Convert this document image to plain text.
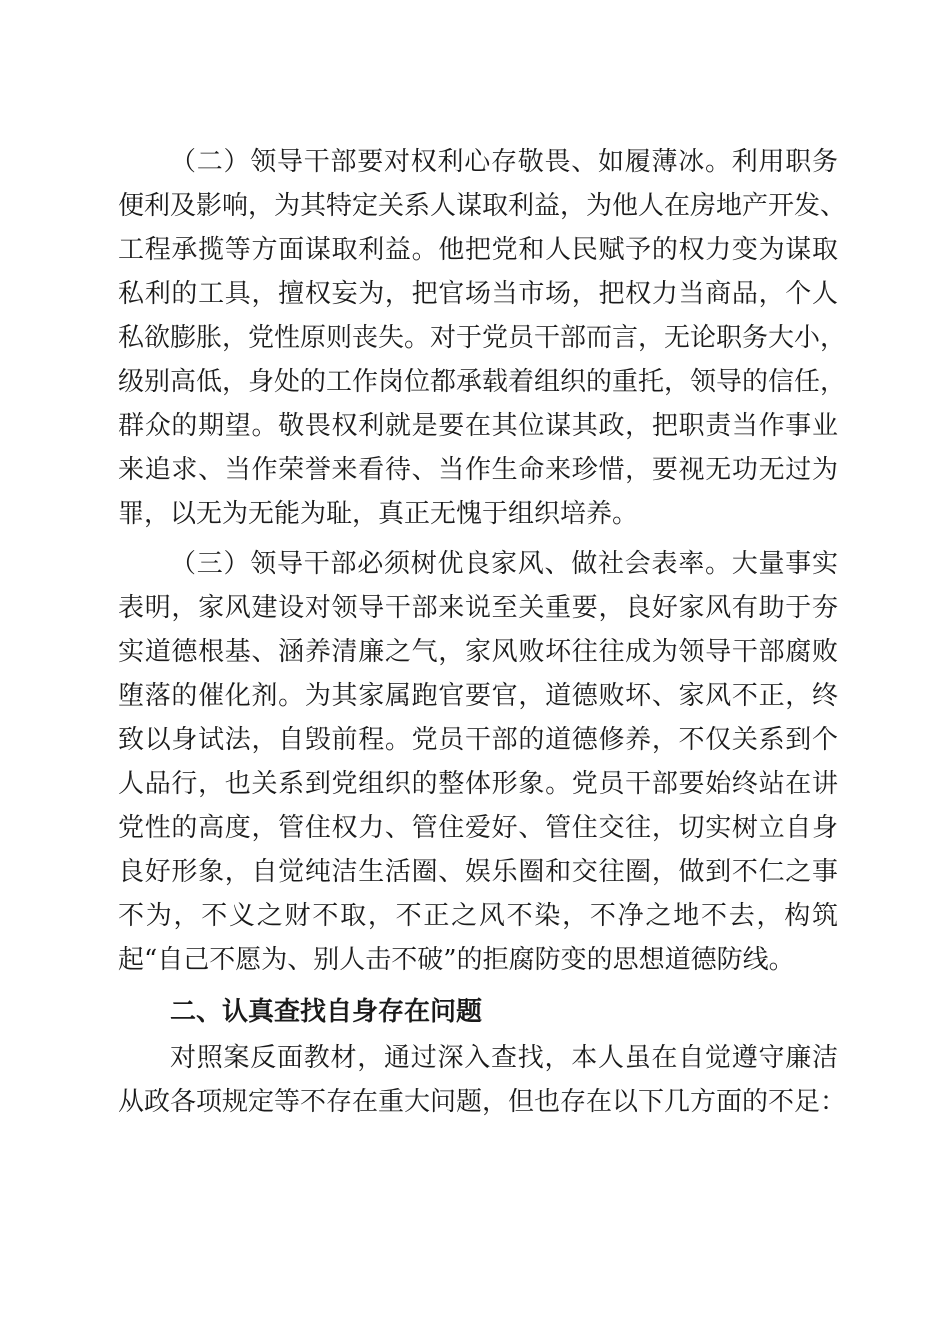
（二）领导干部要对权利心存敬畏、如履薄冰。利用职务
便利及影响，为其特定关系人谋取利益，为他人在房地产开发、
工程承揽等方面谋取利益。他把党和人民赋予的权力变为谋取
私利的工具，擅权妄为，把官场当市场，把权力当商品，个人
私欲膨胀，党性原则丧失。对于党员干部而言，无论职务大小，
级别高低，身处的工作岗位都承载着组织的重托，领导的信任，
群众的期望。敬畏权利就是要在其位谋其政，把职责当作事业
来追求、当作荣誉来看待、当作生命来珍惜，要视无功无过为
罪，以无为无能为耻，真正无愧于组织培养。
（三）领导干部必须树优良家风、做社会表率。大量事实
表明，家风建设对领导干部来说至关重要，良好家风有助于夯
实道德根基、涵养清廉之气，家风败坏往往成为领导干部腐败
堕落的催化剂。为其家属跑官要官，道德败坏、家风不正，终
致以身试法，自毁前程。党员干部的道德修养，不仅关系到个
人品行，也关系到党组织的整体形象。党员干部要始终站在讲
党性的高度，管住权力、管住爱好、管住交往，切实树立自身
良好形象，自觉纯洁生活圈、娱乐圈和交往圈，做到不仁之事
不为，不义之财不取，不正之风不染，不净之地不去，构筑
起“自己不愿为、别人击不破”的拒腐防变的思想道德防线。
二、认真查找自身存在问题
对照案反面教材，通过深入查找，本人虽在自觉遵守廉洁
从政各项规定等不存在重大问题，但也存在以下几方面的不足：
